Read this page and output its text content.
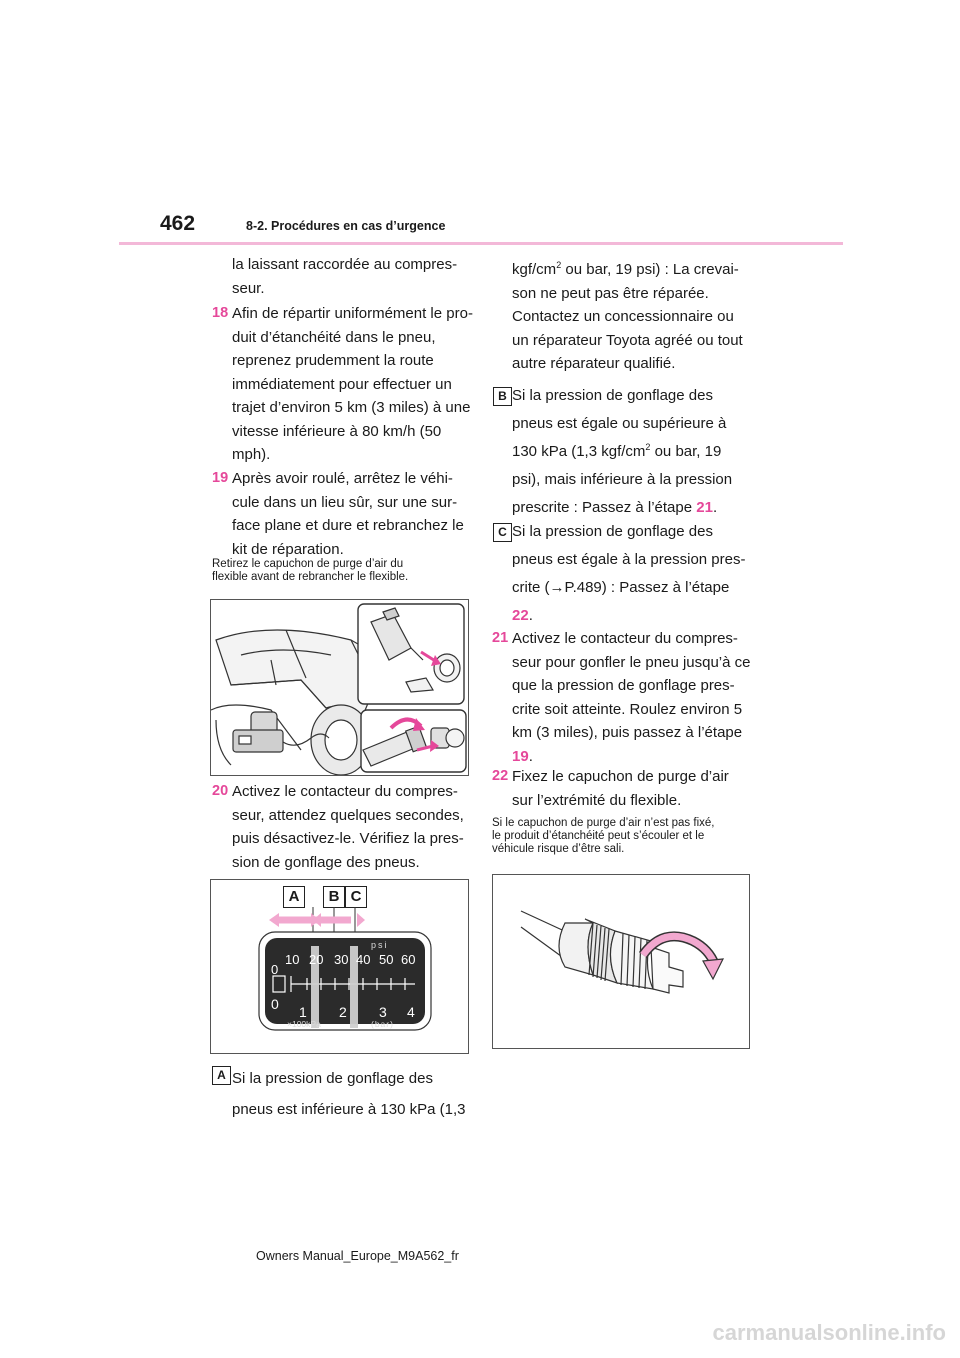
462	8-2. Procédures en cas d’urgence
la laissant raccordée au compres-
seur.
18 Afin de répartir uniformément le pro-
duit d’étanchéité dans le pneu,
reprenez prudemment la route
immédiatement pour effectuer un
trajet d’environ 5 km (3 miles) à une
vitesse inférieure à 80 km/h (50
mph).
19 Après avoir roulé, arrêtez le véhi-
cule dans un lieu sûr, sur une sur-
face plane et dure et rebranchez le
kit de réparation.
Retirez le capuchon de purge d’air du
flexible avant de rebrancher le flexible.
20 Activez le contacteur du compres-
seur, attendez quelques secondes,
puis désactivez-le. Vérifiez la pres-
sion de gonflage des pneus.
A	B C
psi
0
10 20 30 40 50 60
0 1 2 3 4
×100kPa	(bar)
A Si la pression de gonflage des
pneus est inférieure à 130 kPa (1,3
kgf/$cm^2$ ou bar, 19 psi) : La crevai-
son ne peut pas être réparée.
Contactez un concessionnaire ou
un réparateur Toyota agréé ou tout
autre réparateur qualifié.
B Si la pression de gonflage des
pneus est égale ou supérieure à
130 kPa (1,3 kgf/$cm^2$ ou bar, 19
psi), mais inférieure à la pression
prescrite : Passez à l’étape 21.
C Si la pression de gonflage des
pneus est égale à la pression pres-
crite (→P.489) : Passez à l’étape
22.
21 Activez le contacteur du compres-
seur pour gonfler le pneu jusqu’à ce
que la pression de gonflage pres-
crite soit atteinte. Roulez environ 5
km (3 miles), puis passez à l’étape
19.
22 Fixez le capuchon de purge d’air
sur l’extrémité du flexible.
Si le capuchon de purge d’air n’est pas fixé,
le produit d’étanchéité peut s’écouler et le
véhicule risque d’être sali.
Owners Manual_Europe_M9A562_fr
carmanualsonline.info
